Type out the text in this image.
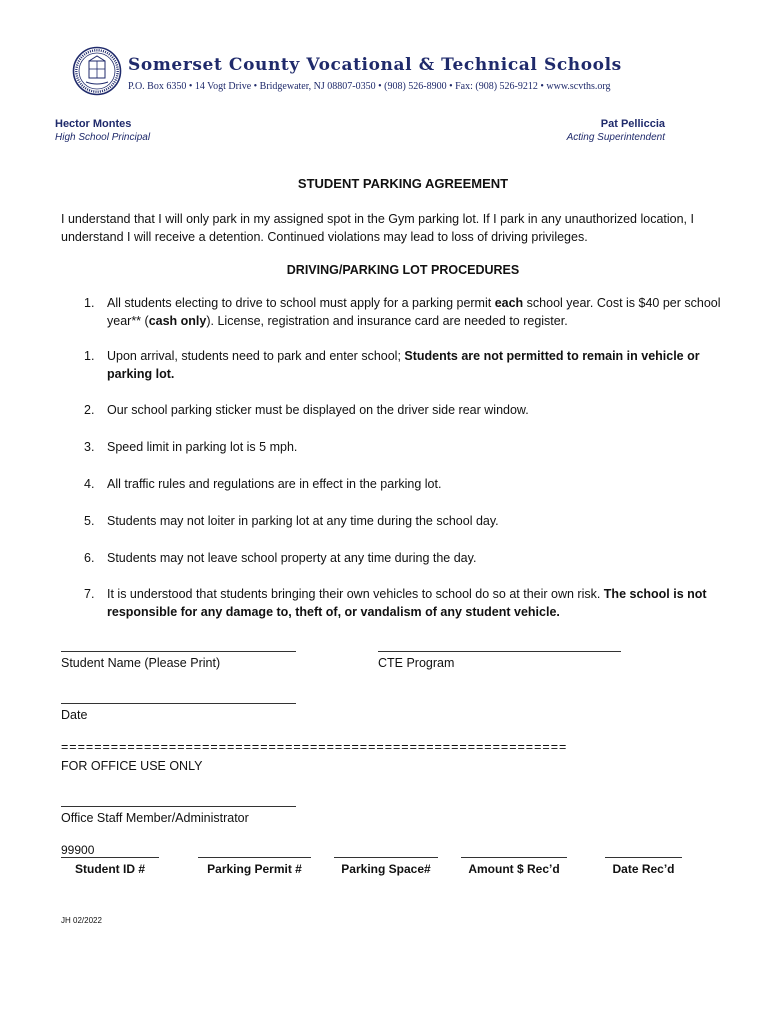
Somerset County Vocational & Technical Schools
P.O. Box 6350 • 14 Vogt Drive • Bridgewater, NJ 08807-0350 • (908) 526-8900 • Fax: (908) 526-9212 • www.scvths.org
Hector Montes
High School Principal
Pat Pelliccia
Acting Superintendent
STUDENT PARKING AGREEMENT
I understand that I will only park in my assigned spot in the Gym parking lot. If I park in any unauthorized location, I understand I will receive a detention. Continued violations may lead to loss of driving privileges.
DRIVING/PARKING LOT PROCEDURES
1.	All students electing to drive to school must apply for a parking permit each school year. Cost is $40 per school year** (cash only). License, registration and insurance card are needed to register.
1.	Upon arrival, students need to park and enter school; Students are not permitted to remain in vehicle or parking lot.
2.	Our school parking sticker must be displayed on the driver side rear window.
3.	Speed limit in parking lot is 5 mph.
4.	All traffic rules and regulations are in effect in the parking lot.
5.	Students may not loiter in parking lot at any time during the school day.
6.	Students may not leave school property at any time during the day.
7.	It is understood that students bringing their own vehicles to school do so at their own risk. The school is not responsible for any damage to, theft of, or vandalism of any student vehicle.
Student Name (Please Print)	CTE Program
Date
=============================================================
FOR OFFICE USE ONLY
Office Staff Member/Administrator
99900
Student ID #	Parking Permit #	Parking Space#	Amount $ Rec’d	Date Rec’d
JH 02/2022
